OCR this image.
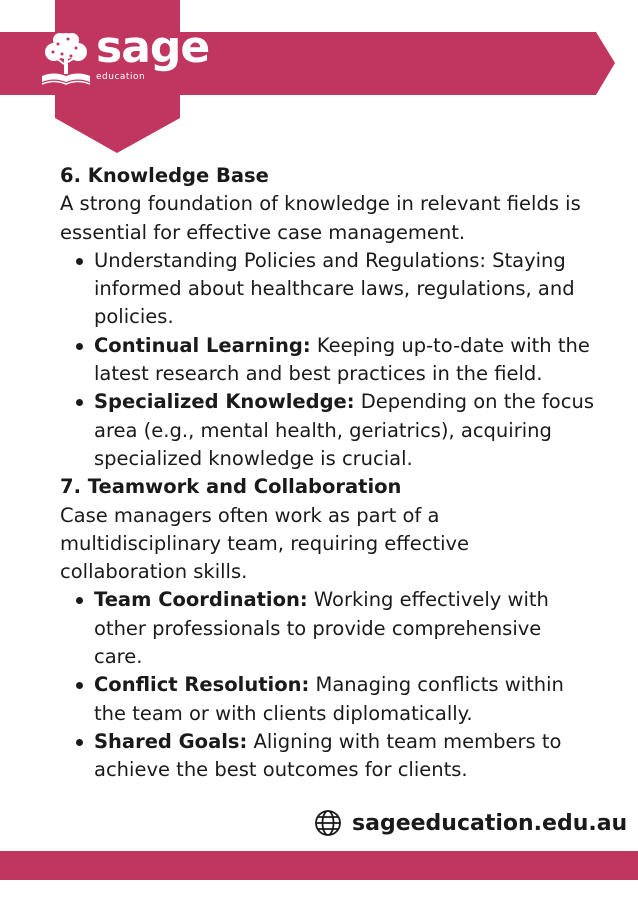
sage
education

6. Knowledge Base

A strong foundation of knowledge in relevant fields is essential for effective case management.

Understanding Policies and Regulations: Staying informed about healthcare laws, regulations, and policies.
Continual Learning: Keeping up-to-date with the latest research and best practices in the field.
Specialized Knowledge: Depending on the focus area (e.g., mental health, geriatrics), acquiring specialized knowledge is crucial.

7. Teamwork and Collaboration

Case managers often work as part of a multidisciplinary team, requiring effective collaboration skills.

Team Coordination: Working effectively with other professionals to provide comprehensive care.
Conflict Resolution: Managing conflicts within the team or with clients diplomatically.
Shared Goals: Aligning with team members to achieve the best outcomes for clients.
sageeducation.edu.au
